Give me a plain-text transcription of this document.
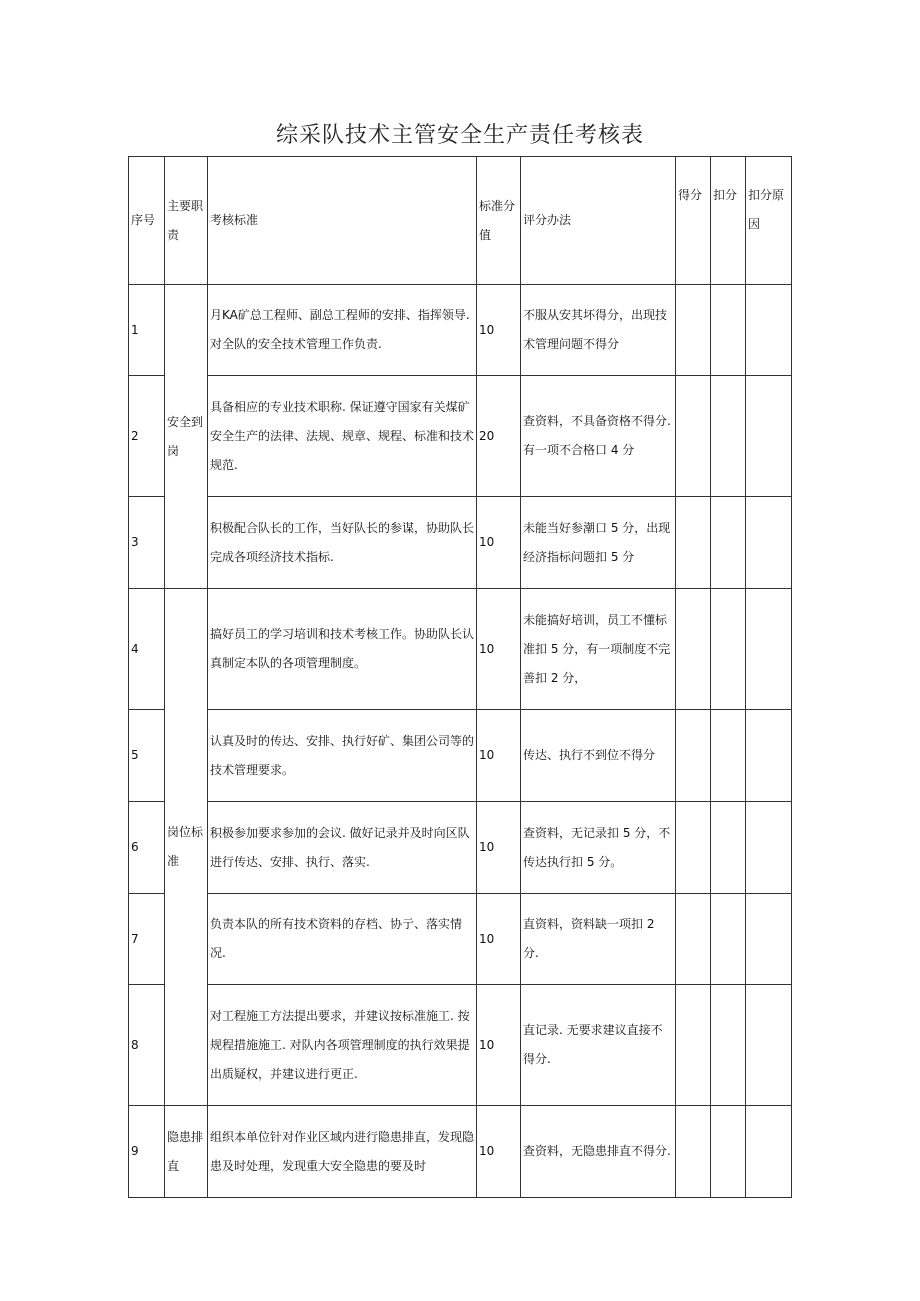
综采队技术主管安全生产责任考核表
序号	主要职责	考核标准	标准分值	评分办法	得分	扣分	扣分原因
1	安全到岗	月KA矿总工程师、副总工程师的安排、指挥领导. 对全队的安全技术管理工作负责.	10	不服从安其坏得分，出现技术管理问题不得分			
2		具备相应的专业技术职称. 保证遵守国家有关煤矿安全生产的法律、法规、规章、规程、标准和技术规范.	20	查资料，不具备资格不得分. 有一项不合格口 4 分			
3		积极配合队长的工作，当好队长的参谋，协助队长完成各项经济技术指标.	10	未能当好参潮口 5 分，出现经济指标问题扣 5 分			
4	岗位标准	搞好员工的学习培训和技术考核工作。协助队长认真制定本队的各项管理制度。	10	未能搞好培训，员工不懂标准扣 5 分，有一项制度不完善扣 2 分，			
5		认真及时的传达、安排、执行好矿、集团公司等的技术管理要求。	10	传达、执行不到位不得分			
6		积极参加要求参加的会议. 做好记录并及时向区队进行传达、安排、执行、落实.	10	查资料，无记录扣 5 分，不传达执行扣 5 分。			
7		负责本队的所有技术资料的存档、协亍、落实情况.	10	直资料，资料缺一项扣 2 分.			
8		对工程施工方法提出要求，并建议按标准施工. 按规程措施施工. 对队内各项管理制度的执行效果提出质疑权，并建议进行更正.	10	直记录. 无要求建议直接不得分.			
9	隐患排直	组织本单位针对作业区域内进行隐患排直，发现隐患及时处理，发现重大安全隐患的要及时	10	查资料，无隐患排直不得分.			
